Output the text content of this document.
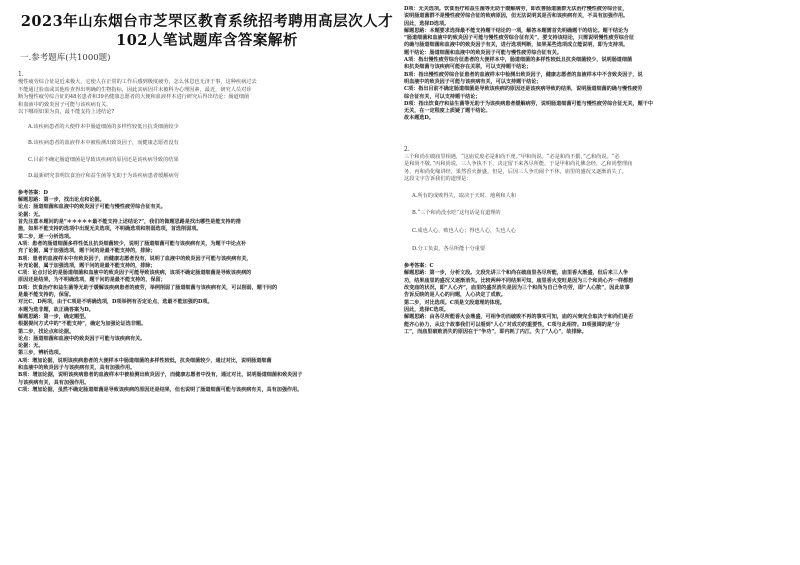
2023年山东烟台市芝罘区教育系统招考聘用高层次人才102人笔试题库含答案解析
一.参考题库(共1000题)
1.

慢性疲劳综合征是近来极大，它使人在正常的工作后感到极度疲劳，怎么休息也无济于事，这种疾病过去

不能通过验血或其他检查得出明确的生物指标，因此其病因并未被科为心理因素，最近，研究人员对诊

断为慢性疲劳综合征的48名患者和39名健康志愿者的大便和血液样本进行研究后得出结论：肠道细菌

和血液中的致炎因子可能与该疾病有关。

以下哪项如果为真，最不能支持上述结论?

A.该疾病患者的大便样本中肠道细菌的多样性较低且抗炎细菌较少
B.该疾病患者的血液样本中被检测出致炎因子，而健康志愿者没有
C.目前不确定肠道细菌是导致该疾病的原因还是该疾病导致的结果
D.最新研究表明饮食治疗和益生菌等无助于为该疾病患者缓解病劳

参考答案：D

解题思路：第一步，找出论点和论据。

论点：肠道细菌和血液中的致炎因子可能与慢性疲劳综合征有关。

论据：无。

首先注意本题问的是“＊＊＊＊＊最不能支持上述结论?”，我们的做题思路是找出哪些是能支持的措

施，如果不能支持的选项中出现无关选项，不明确选项和削弱选项，首选削弱项。

第二步，逐一分析选项。

A项：患者的肠道细菌多样性低且抗炎细菌较少，说明了肠道细菌可能与该疾病有关，为题干中论点补

充了论据，属于加强选项，题干问的是最不能支持的，排除；

B项：患者的血液样本中有致炎因子，而健康志愿者没有，说明了血液中的致炎因子可能与该疾病有关，

补充论据，属于加强选项，题干问的是最不能支持的，排除；

C项：论点讨论的是肠道细菌和血液中的致炎因子可能导致该疾病，该项不确定肠道细菌是导致该疾病的

原因还是结果，为不明确选项，题干问的是最不能支持的，保留；

D项：饮食治疗和益生菌等无助于缓解该疾病患者的疲劳，举例削弱了肠道细菌与该疾病有关，可以削弱，题干问的

是最不能支持的，保留。

对比C、D两项，由于C项是不明确选项，D项举例有否定论点，选最不能加强的D项。

本题为选非题，故正确答案为D。

解题思路：第一步，确定题型。

根据提问方式中的“不能支持”，确定为加强论证选非题。

第二步，找论点和论据。

论点：肠道细菌和血液中的致炎因子可能与该疾病有关。

论据：无。

第三步，辨析选项。

A项：增加论据，说明该疾病患者的大便样本中肠道细菌的多样性较低，抗炎细菌较少，通过对比，说明肠道细菌

和血液中的致炎因子与该疾病有关，具有加强作用。

B项：增加论据，说明该疾病患者的血液样本中被检测出致炎因子，而健康志愿者中没有，通过对比，说明肠道细菌和致炎因子

与该疾病有关，具有加强作用。

C项：增加论据，虽然不确定肠道细菌是导致该疾病的原因还是结果，但也说明了肠道细菌可能与该疾病有关，具有加强作用。

D项：无关选项。饮食治疗和益生菌等无助于缓解病劳，即改善肠道菌群无法治疗慢性疲劳综合征，

说明肠道菌群不是慢性疲劳综合征的致病原因，但无法说明其是否和该疾病有关，不具有加强作用。

因此，选择D选项。

解题思路：本题要求选择最不能支持题干结论的一项，解答本题需首先明确题干的结论。题干结论为

“肠道细菌和血液中的致炎因子可能与慢性疲劳综合征有关”，要支持该结论，只需说明慢性疲劳综合征

的确与肠道细菌和血液中的致炎因子有关，进行选项判断，如果某些选项成立能说明，即为支持项。

题干结论：肠道细菌和血液中的致炎因子可能与慢性疲劳综合征有关。

A项：指出慢性疲劳综合征患者的大便样本中，肠道细菌的多样性较低且抗炎细菌较少，说明肠道细菌

和抗炎细菌与该疾病可能存在关联，可以支持题干结论；

B项：指出慢性疲劳综合征患者的血液样本中检测出致炎因子，健康志愿者的血液样本中不含致炎因子，说

明血液中的致炎因子可能与该疾病有关，可以支持题干结论；

C项：指出目前不确定肠道细菌是导致该疾病的原因还是该疾病导致的结果，说明肠道细菌的确与慢性疲劳

综合征有关，可以支持题干结论；

D项：指出饮食疗和益生菌等无助于为该疾病患者缓解病劳，说明肠道细菌可能与慢性疲劳综合征无关，题干中

无关，在一定程度上质疑了题干结论。

故本题选D。

2.

三个和尚在破庙里相遇，“这庙荒废必是和尚不虔。”甲和尚说。“必是和尚不勤，”乙和尚说。“必

是和尚不敬，”丙和尚说，三人争执不下，决定留下来各尽所能，于是甲和尚礼佛念经，乙和尚整理庙

务，丙和尚化缘讲经，果然香火渐盛。但是，后因三人争功闹个不休，庙里的盛况又逐渐消失了。

这段文字告诉我们的道理是：

A.所有的成败得失，取决于天时、地利和人和
B.“三个和尚没水吃”这句话是有道理的
C.成也人心，败也人心；得也人心，失也人心
D.分工负责，各尽所能十分重要

参考答案：C

解题思路：第一步，分析文段。文段先讲三个和尚在破庙里各尽所能，庙里香火渐盛，但后来三人争

功，结果庙里的盛况又逐渐消失。比较两种不同结果可知，庙里香火变旺是因为三个和尚心齐一样都想

改变庙的状况，即“人心齐”，庙里的盛况消失是因为三个和尚为自己争功劳，即“人心散”，因此故事

告诉反映的是人心的问题，人心决定了成败。

第二步，对比选项。C项是文段道理的体现。

因此，选择C选项。

解题思路：由各尽所能香火会鼎盛，可相争功而破败不再的事实可知，庙的兴衰完全取决于和尚们是否

能齐心协力，从这个故事我们可以看到“人心”对成功的重要性，C项与此相符。D项强调的是“分

工”，而庙里破败消失的原因在于“争功”，即内耗了内江，失了“人心”，故排除。
